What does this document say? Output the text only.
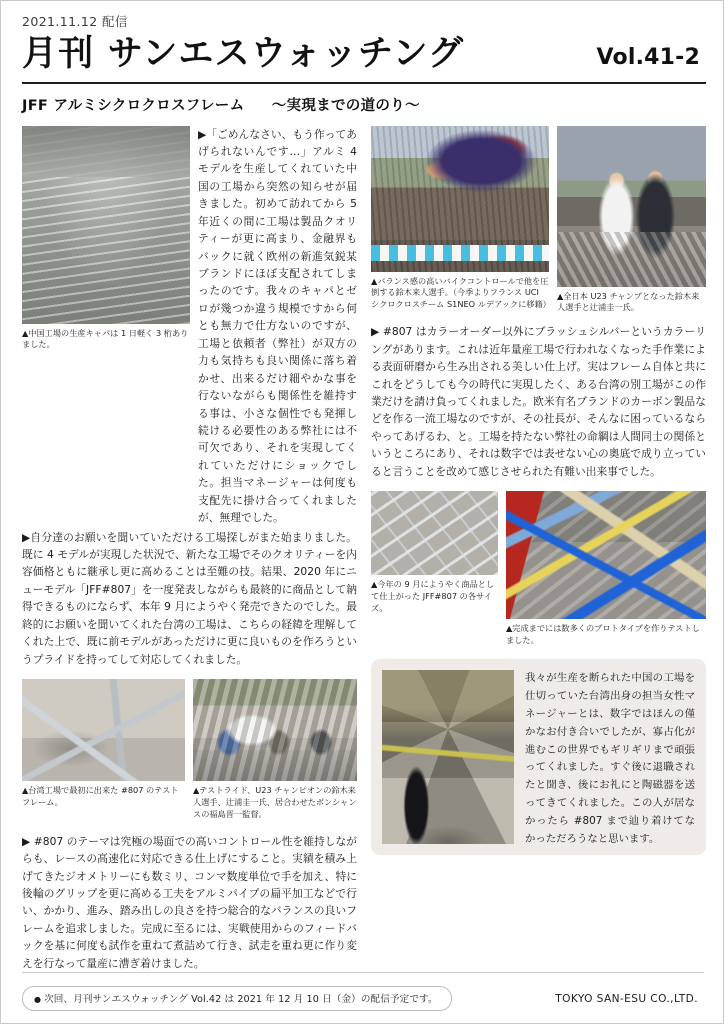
2021.11.12 配信
月刊 サンエスウォッチング	Vol.41-2
JFF アルミシクロクロスフレーム 〜実現までの道のり〜
▲中国工場の生産キャパは 1 日軽く 3 桁ありました。
▶「ごめんなさい、もう作ってあげられないんです…」アルミ 4 モデルを生産してくれていた中国の工場から突然の知らせが届きました。初めて訪れてから 5 年近くの間に工場は製品クオリティーが更に高まり、金融界もバックに就く欧州の新進気鋭某ブランドにほぼ支配されてしまったのです。我々のキャパとゼロが幾つか違う規模ですから何とも無力で仕方ないのですが、工場と依頼者（弊社）が双方の力も気持ちも良い関係に落ち着かせ、出来るだけ細やかな事を行ないながらも関係性を維持する事は、小さな個性でも発揮し続ける必要性のある弊社には不可欠であり、それを実現してくれていただけにショックでした。担当マネージャーは何度も支配先に掛け合ってくれましたが、無理でした。
▶自分達のお願いを聞いていただける工場探しがまた始まりました。既に 4 モデルが実現した状況で、新たな工場でそのクオリティーを内容価格ともに継承し更に高めることは至難の技。結果、2020 年にニューモデル「JFF#807」を一度発表しながらも最終的に商品として納得できるものにならず、本年 9 月にようやく発売できたのでした。最終的にお願いを聞いてくれた台湾の工場は、こちらの経緯を理解してくれた上で、既に前モデルがあっただけに更に良いものを作ろうというプライドを持ってして対応してくれました。
▲台湾工場で最初に出来た #807 のテストフレーム。
▲テストライド、U23 チャンピオンの鈴木来人選手、辻浦圭一氏、居合わせたボンシャンスの福島晋一監督。
▶ #807 のテーマは究極の場面での高いコントロール性を維持しながらも、レースの高速化に対応できる仕上げにすること。実績を積み上げてきたジオメトリーにも数ミリ、コンマ数度単位で手を加え、特に後輪のグリップを更に高める工夫をアルミパイプの扁平加工などで行い、かかり、進み、踏み出しの良さを持つ総合的なバランスの良いフレームを追求しました。完成に至るには、実戦使用からのフィードバックを基に何度も試作を重ねて煮詰めて行き、試走を重ね更に作り変えを行なって量産に漕ぎ着けました。
▲バランス感の高いバイクコントロールで他を圧倒する鈴木来人選手。（今季よりフランス UCI シクロクロスチーム S1NEO ルデアックに移籍）
▲全日本 U23 チャンプとなった鈴木来人選手と辻浦圭一氏。
▶ #807 はカラーオーダー以外にブラッシュシルバーというカラーリングがあります。これは近年量産工場で行われなくなった手作業による表面研磨から生み出される美しい仕上げ。実はフレーム自体と共にこれをどうしても今の時代に実現したく、ある台湾の別工場がこの作業だけを請け負ってくれました。欧米有名ブランドのカーボン製品などを作る一流工場なのですが、その社長が、そんなに困っているならやってあげるわ、と。工場を持たない弊社の命綱は人間同士の関係というところにあり、それは数字では表せない心の奥底で成り立っていると言うことを改めて感じさせられた有難い出来事でした。
▲今年の 9 月にようやく商品として仕上がった JFF#807 の各サイズ。
▲完成までには数多くのプロトタイプを作りテストしました。
我々が生産を断られた中国の工場を仕切っていた台湾出身の担当女性マネージャーとは、数字ではほんの僅かなお付き合いでしたが、寡占化が進むこの世界でもギリギリまで頑張ってくれました。すぐ後に退職されたと聞き、後にお礼にと陶磁器を送ってきてくれました。この人が居なかったら #807 まで辿り着けてなかっただろうなと思います。
● 次回、月刊サンエスウォッチング Vol.42 は 2021 年 12 月 10 日（金）の配信予定です。	TOKYO SAN-ESU CO.,LTD.
